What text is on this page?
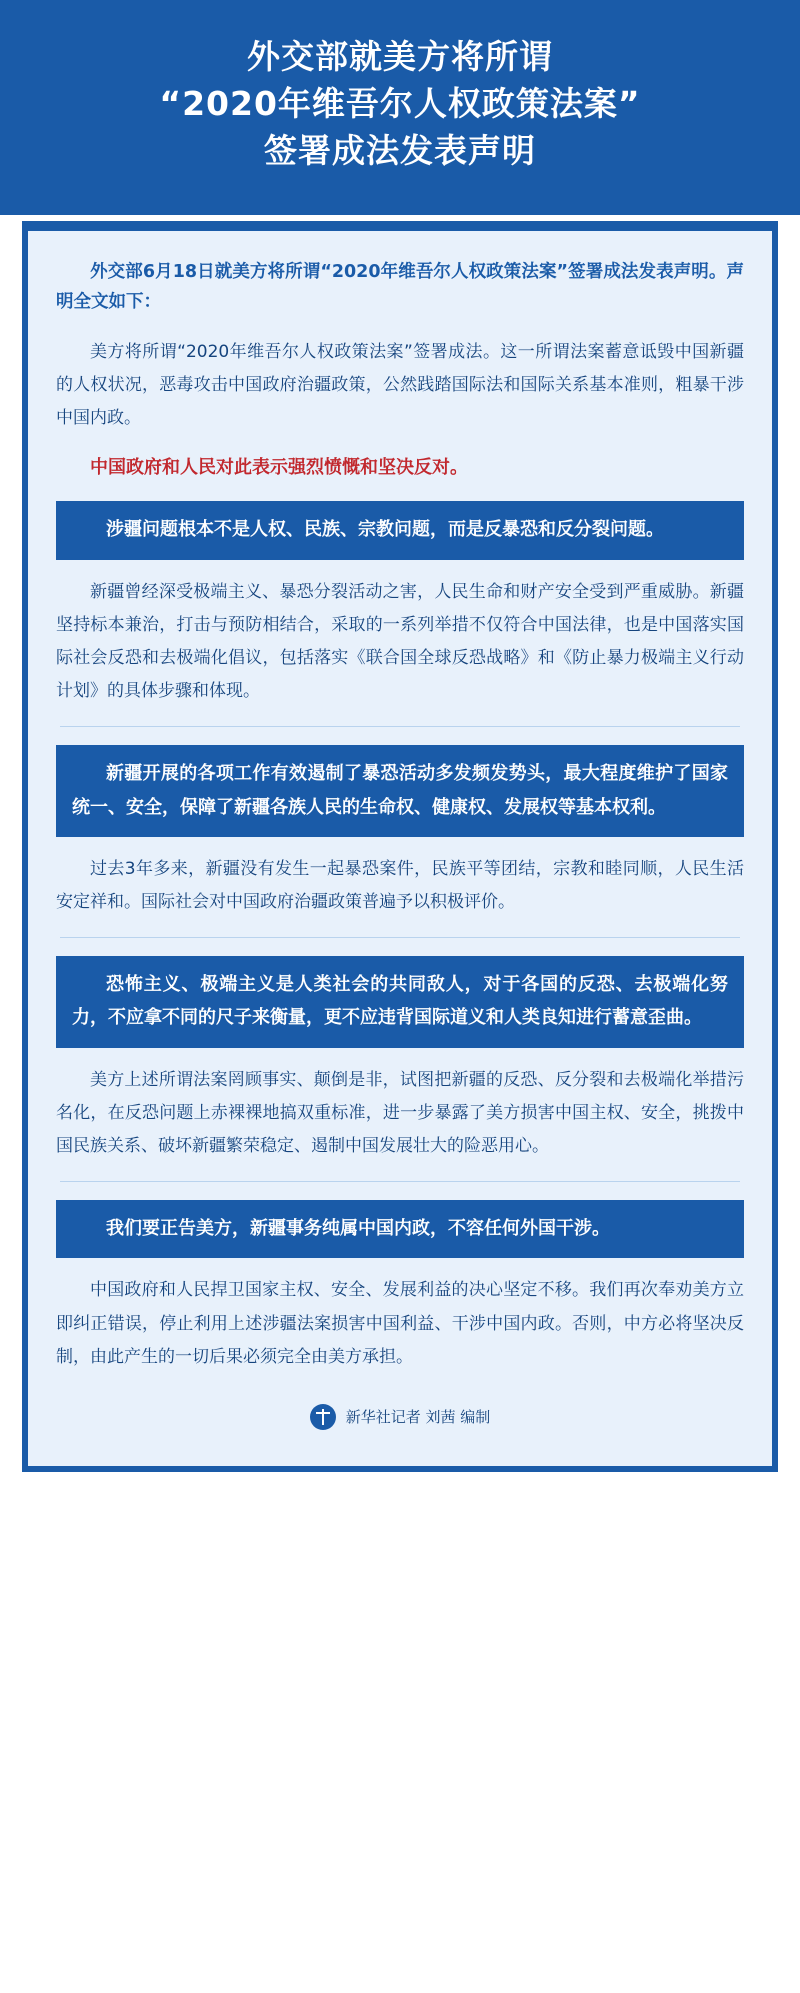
外交部就美方将所谓
“2020年维吾尔人权政策法案”
签署成法发表声明
外交部6月18日就美方将所谓“2020年维吾尔人权政策法案”签署成法发表声明。声明全文如下：

美方将所谓“2020年维吾尔人权政策法案”签署成法。这一所谓法案蓄意诋毁中国新疆的人权状况，恶毒攻击中国政府治疆政策，公然践踏国际法和国际关系基本准则，粗暴干涉中国内政。

中国政府和人民对此表示强烈愤慨和坚决反对。
涉疆问题根本不是人权、民族、宗教问题，而是反暴恐和反分裂问题。

新疆曾经深受极端主义、暴恐分裂活动之害，人民生命和财产安全受到严重威胁。新疆坚持标本兼治，打击与预防相结合，采取的一系列举措不仅符合中国法律，也是中国落实国际社会反恐和去极端化倡议，包括落实《联合国全球反恐战略》和《防止暴力极端主义行动计划》的具体步骤和体现。

新疆开展的各项工作有效遏制了暴恐活动多发频发势头，最大程度维护了国家统一、安全，保障了新疆各族人民的生命权、健康权、发展权等基本权利。

过去3年多来，新疆没有发生一起暴恐案件，民族平等团结，宗教和睦同顺，人民生活安定祥和。国际社会对中国政府治疆政策普遍予以积极评价。

恐怖主义、极端主义是人类社会的共同敌人，对于各国的反恐、去极端化努力，不应拿不同的尺子来衡量，更不应违背国际道义和人类良知进行蓄意歪曲。

美方上述所谓法案罔顾事实、颠倒是非，试图把新疆的反恐、反分裂和去极端化举措污名化，在反恐问题上赤裸裸地搞双重标准，进一步暴露了美方损害中国主权、安全，挑拨中国民族关系、破坏新疆繁荣稳定、遏制中国发展壮大的险恶用心。

我们要正告美方，新疆事务纯属中国内政，不容任何外国干涉。

中国政府和人民捍卫国家主权、安全、发展利益的决心坚定不移。我们再次奉劝美方立即纠正错误，停止利用上述涉疆法案损害中国利益、干涉中国内政。否则，中方必将坚决反制，由此产生的一切后果必须完全由美方承担。

新华社记者 刘茜 编制
